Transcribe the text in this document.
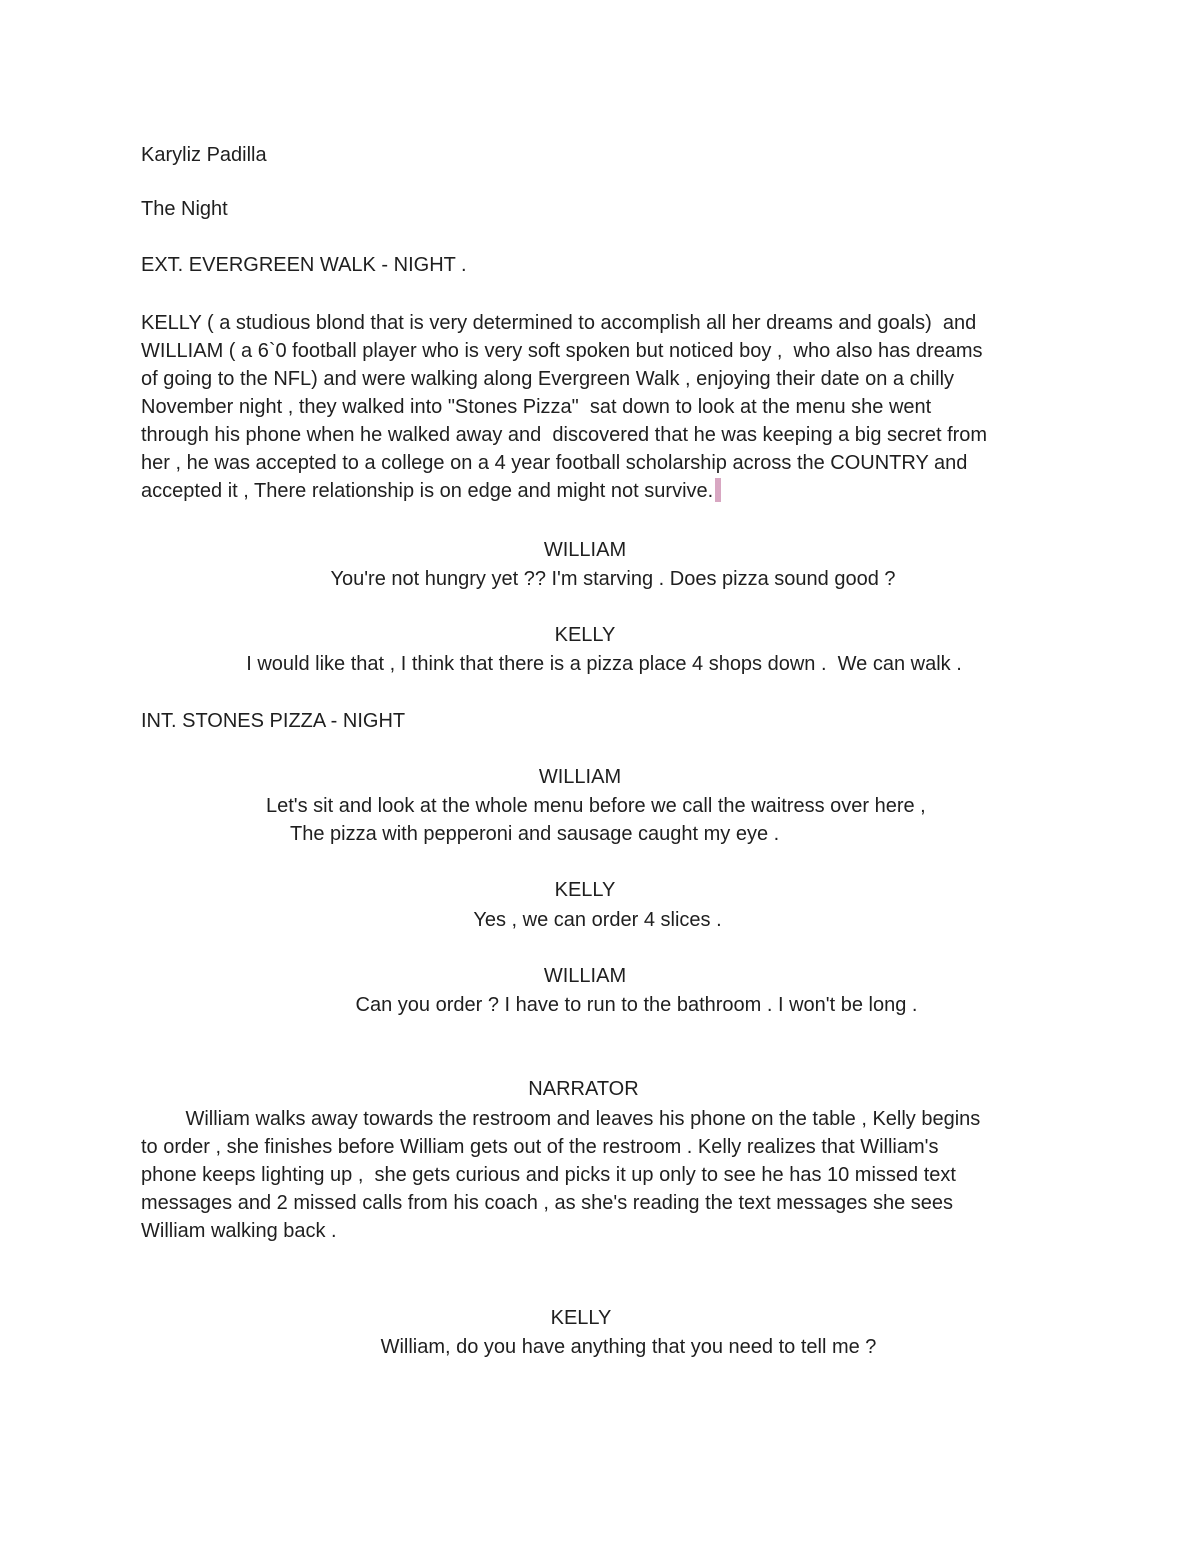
Karyliz Padilla
The Night
EXT. EVERGREEN WALK - NIGHT .
KELLY ( a studious blond that is very determined to accomplish all her dreams and goals)  and
WILLIAM ( a 6`0 football player who is very soft spoken but noticed boy ,  who also has dreams
of going to the NFL) and were walking along Evergreen Walk , enjoying their date on a chilly
November night , they walked into "Stones Pizza"  sat down to look at the menu she went
through his phone when he walked away and  discovered that he was keeping a big secret from
her , he was accepted to a college on a 4 year football scholarship across the COUNTRY and
accepted it , There relationship is on edge and might not survive.
WILLIAM
You're not hungry yet ?? I'm starving . Does pizza sound good ?
KELLY
I would like that , I think that there is a pizza place 4 shops down .  We can walk .
INT. STONES PIZZA - NIGHT
WILLIAM
Let's sit and look at the whole menu before we call the waitress over here ,
The pizza with pepperoni and sausage caught my eye .
KELLY
Yes , we can order 4 slices .
WILLIAM
Can you order ? I have to run to the bathroom . I won't be long .
NARRATOR
William walks away towards the restroom and leaves his phone on the table , Kelly begins
to order , she finishes before William gets out of the restroom . Kelly realizes that William's
phone keeps lighting up ,  she gets curious and picks it up only to see he has 10 missed text
messages and 2 missed calls from his coach , as she's reading the text messages she sees
William walking back .
KELLY
William, do you have anything that you need to tell me ?
